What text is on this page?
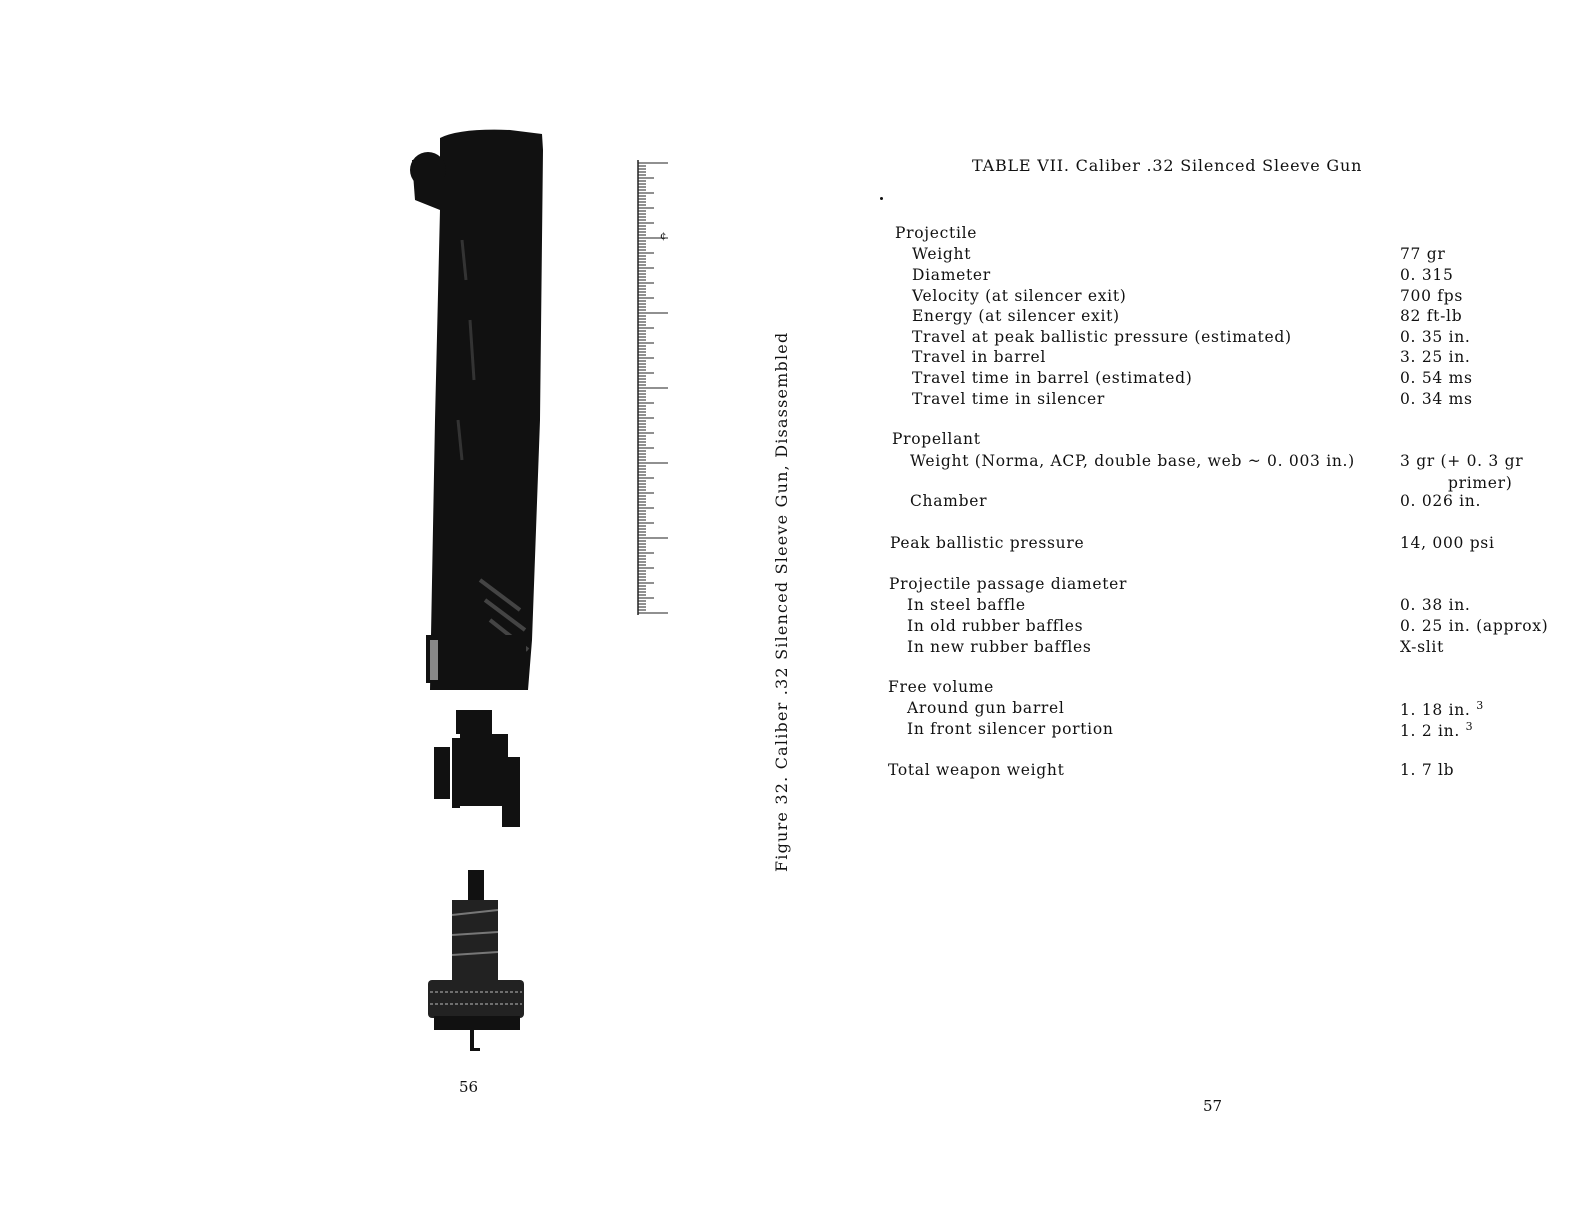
¢
Figure 32. Caliber .32 Silenced Sleeve Gun, Disassembled
56
TABLE VII. Caliber .32 Silenced Sleeve Gun
Projectile
Weight	77 gr
Diameter	0. 315
Velocity (at silencer exit)	700 fps
Energy (at silencer exit)	82 ft-lb
Travel at peak ballistic pressure (estimated)	0. 35 in.
Travel in barrel	3. 25 in.
Travel time in barrel (estimated)	0. 54 ms
Travel time in silencer	0. 34 ms
Propellant
Weight (Norma, ACP, double base, web ~ 0. 003 in.)	3 gr (+ 0. 3 gr
primer)
Chamber	0. 026 in.
Peak ballistic pressure	14, 000 psi
Projectile passage diameter
In steel baffle	0. 38 in.
In old rubber baffles	0. 25 in. (approx)
In new rubber baffles	X-slit
Free volume
Around gun barrel	1. 18 in. $^3$
In front silencer portion	1. 2 in. $^3$
Total weapon weight	1. 7 lb
57
